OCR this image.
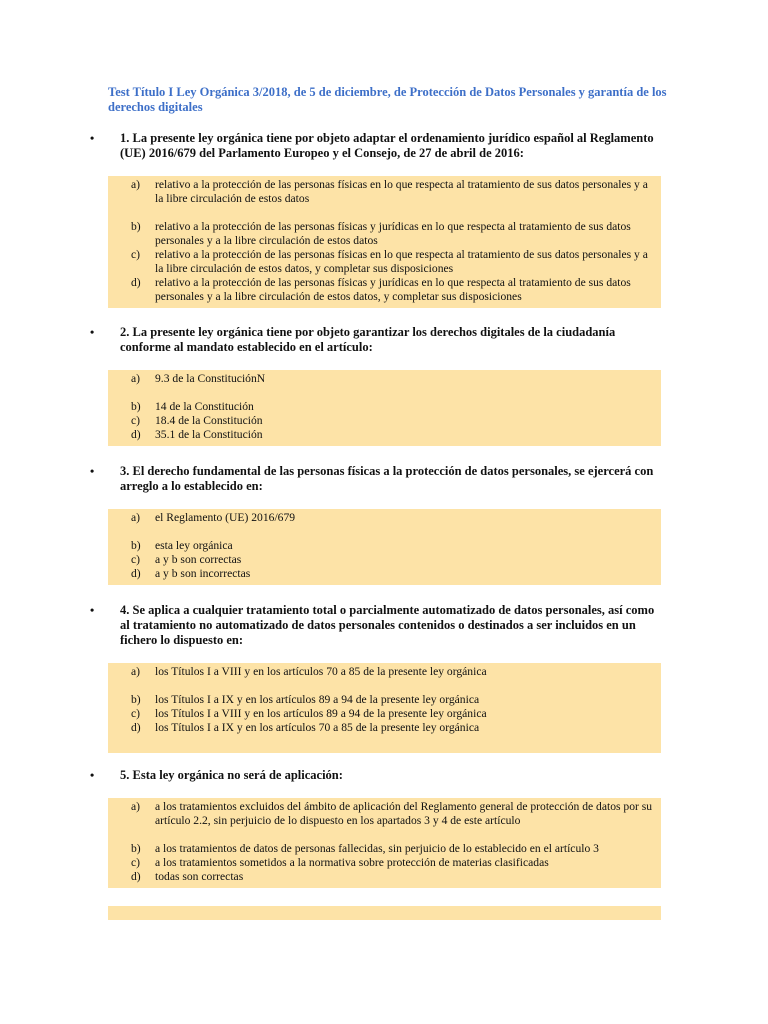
Test Título I Ley Orgánica 3/2018, de 5 de diciembre, de Protección de Datos Personales y garantía de los derechos digitales
• 1. La presente ley orgánica tiene por objeto adaptar el ordenamiento jurídico español al Reglamento (UE) 2016/679 del Parlamento Europeo y el Consejo, de 27 de abril de 2016:
a) relativo a la protección de las personas físicas en lo que respecta al tratamiento de sus datos personales y a la libre circulación de estos datos
b) relativo a la protección de las personas físicas y jurídicas en lo que respecta al tratamiento de sus datos personales y a la libre circulación de estos datos
c) relativo a la protección de las personas físicas en lo que respecta al tratamiento de sus datos personales y a la libre circulación de estos datos, y completar sus disposiciones
d) relativo a la protección de las personas físicas y jurídicas en lo que respecta al tratamiento de sus datos personales y a la libre circulación de estos datos, y completar sus disposiciones
• 2. La presente ley orgánica tiene por objeto garantizar los derechos digitales de la ciudadanía conforme al mandato establecido en el artículo:
a) 9.3 de la ConstituciónN
b) 14 de la Constitución
c) 18.4 de la Constitución
d) 35.1 de la Constitución
• 3. El derecho fundamental de las personas físicas a la protección de datos personales, se ejercerá con arreglo a lo establecido en:
a) el Reglamento (UE) 2016/679
b) esta ley orgánica
c) a y b son correctas
d) a y b son incorrectas
• 4. Se aplica a cualquier tratamiento total o parcialmente automatizado de datos personales, así como al tratamiento no automatizado de datos personales contenidos o destinados a ser incluidos en un fichero lo dispuesto en:
a) los Títulos I a VIII y en los artículos 70 a 85 de la presente ley orgánica
b) los Títulos I a IX y en los artículos 89 a 94 de la presente ley orgánica
c) los Títulos I a VIII y en los artículos 89 a 94 de la presente ley orgánica
d) los Títulos I a IX y en los artículos 70 a 85 de la presente ley orgánica
• 5. Esta ley orgánica no será de aplicación:
a) a los tratamientos excluidos del ámbito de aplicación del Reglamento general de protección de datos por su artículo 2.2, sin perjuicio de lo dispuesto en los apartados 3 y 4 de este artículo
b) a los tratamientos de datos de personas fallecidas, sin perjuicio de lo establecido en el artículo 3
c) a los tratamientos sometidos a la normativa sobre protección de materias clasificadas
d) todas son correctas
